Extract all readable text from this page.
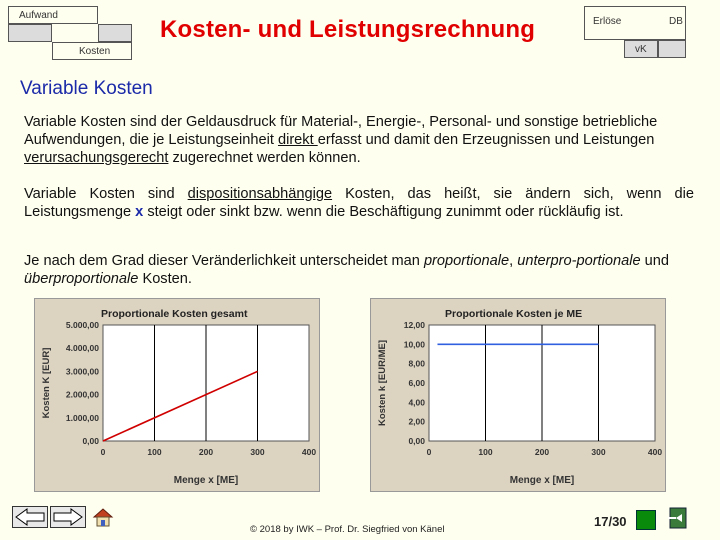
Aufwand
Kosten
Kosten- und Leistungsrechnung	Erlöse	DB
vK
Variable Kosten
Variable Kosten sind der Geldausdruck für Material-, Energie-, Personal- und sonstige betriebliche Aufwendungen, die je Leistungseinheit direkt erfasst und damit den Erzeugnissen und Leistungen verursachungsgerecht zugerechnet werden können.
Variable Kosten sind dispositionsabhängige Kosten, das heißt, sie ändern sich, wenn die Leistungsmenge x steigt oder sinkt bzw. wenn die Beschäftigung zunimmt oder rückläufig ist.
Je nach dem Grad dieser Veränderlichkeit unterscheidet man proportionale, unterpro-portionale und überproportionale Kosten.
Proportionale Kosten gesamt
0	100	200	300	400
0,00
1.000,00
2.000,00
3.000,00
4.000,00
5.000,00
Menge x [ME]
Kosten K [EUR]
Proportionale Kosten je ME
0	100	200	300	400
0,00
2,00
4,00
6,00
8,00
10,00
12,00
Menge x [ME]
Kosten k [EUR/ME]
© 2018 by IWK – Prof. Dr. Siegfried von Känel
17/30
